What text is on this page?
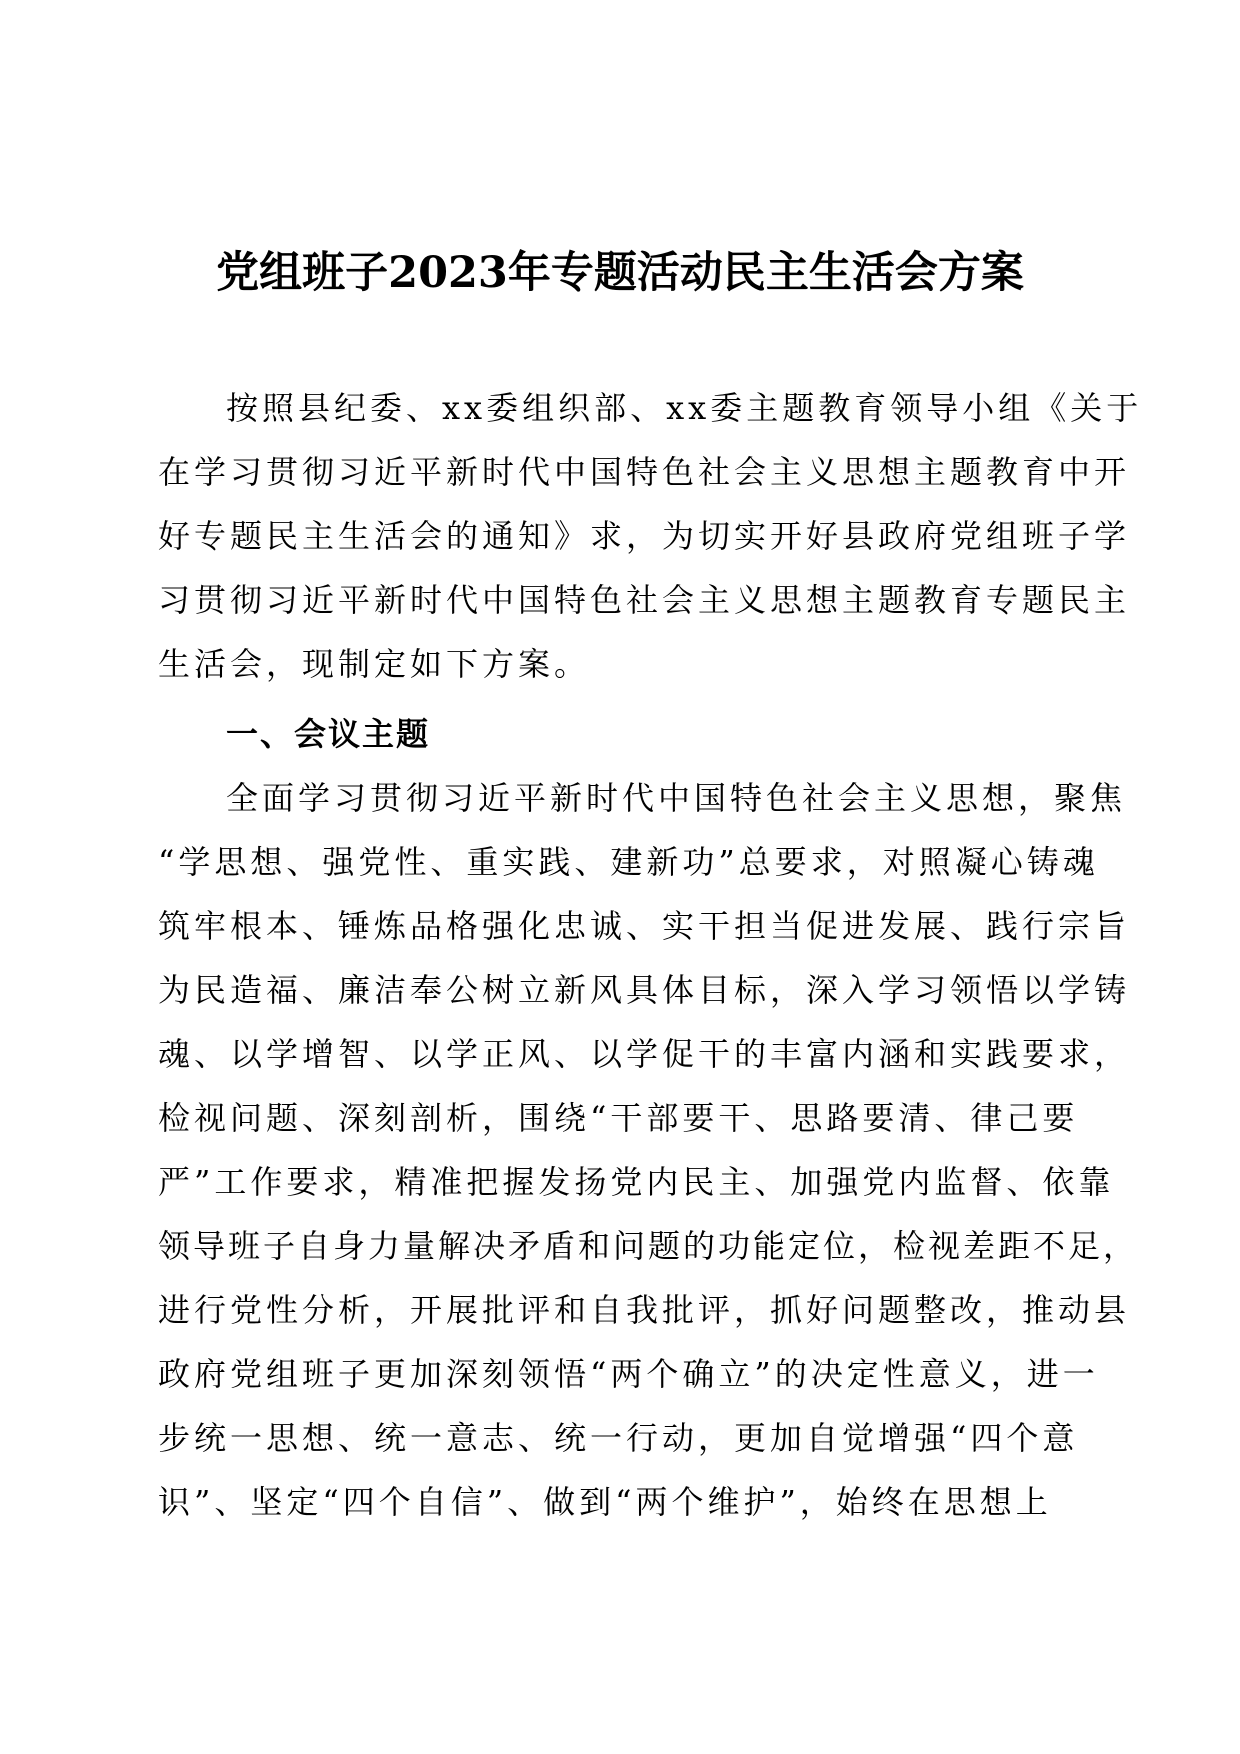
党组班子2023年专题活动民主生活会方案
按照县纪委、xx委组织部、xx委主题教育领导小组《关于
在学习贯彻习近平新时代中国特色社会主义思想主题教育中开
好专题民主生活会的通知》求，为切实开好县政府党组班子学
习贯彻习近平新时代中国特色社会主义思想主题教育专题民主
生活会，现制定如下方案。
一、会议主题
全面学习贯彻习近平新时代中国特色社会主义思想，聚焦
“学思想、强党性、重实践、建新功”总要求，对照凝心铸魂
筑牢根本、锤炼品格强化忠诚、实干担当促进发展、践行宗旨
为民造福、廉洁奉公树立新风具体目标，深入学习领悟以学铸
魂、以学增智、以学正风、以学促干的丰富内涵和实践要求，
检视问题、深刻剖析，围绕“干部要干、思路要清、律己要
严”工作要求，精准把握发扬党内民主、加强党内监督、依靠
领导班子自身力量解决矛盾和问题的功能定位，检视差距不足，
进行党性分析，开展批评和自我批评，抓好问题整改，推动县
政府党组班子更加深刻领悟“两个确立”的决定性意义，进一
步统一思想、统一意志、统一行动，更加自觉增强“四个意
识”、坚定“四个自信”、做到“两个维护”，始终在思想上
